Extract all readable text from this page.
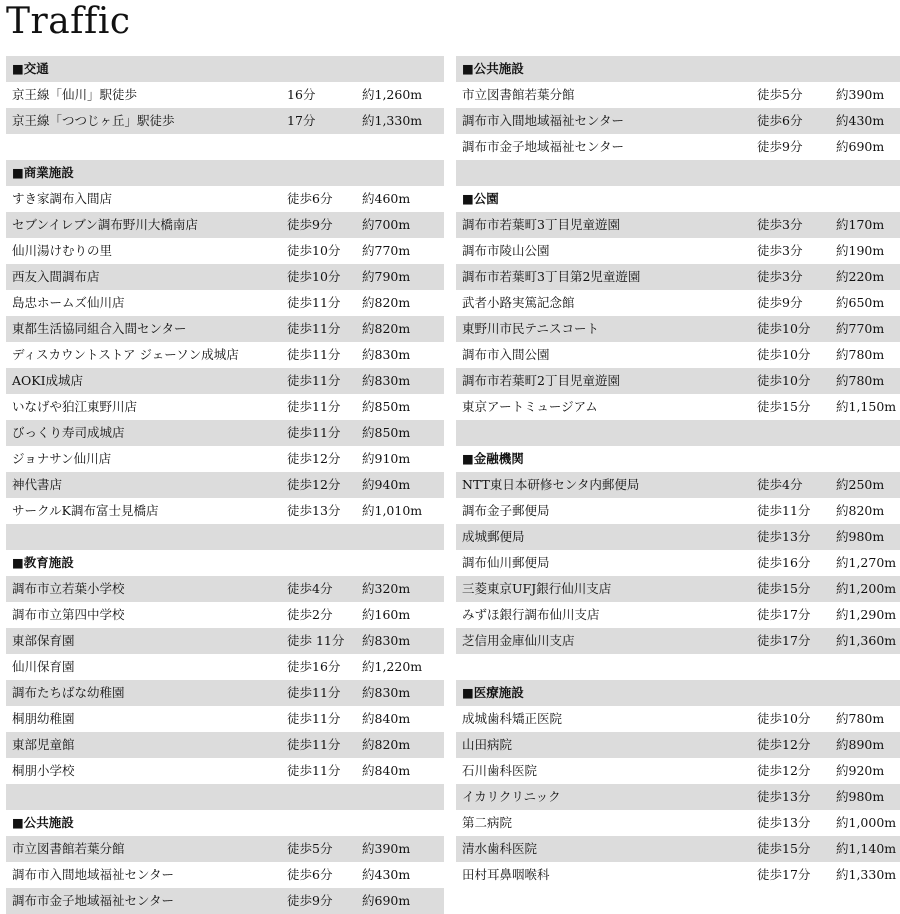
Traffic
■交通
京王線「仙川」駅徒歩	16分	約1,260m
京王線「つつじヶ丘」駅徒歩	17分	約1,330m
■商業施設
すき家調布入間店	徒歩6分 約460m
セブンイレブン調布野川大橋南店	徒歩9分 約700m
仙川湯けむりの里	徒歩10分 約770m
西友入間調布店	徒歩10分 約790m
島忠ホームズ仙川店	徒歩11分 約820m
東都生活協同組合入間センター	徒歩11分 約820m
ディスカウントストア ジェーソン成城店	徒歩11分 約830m
AOKI成城店	徒歩11分 約830m
いなげや狛江東野川店	徒歩11分 約850m
びっくり寿司成城店	徒歩11分 約850m
ジョナサン仙川店	徒歩12分 約910m
神代書店	徒歩12分 約940m
サークルK調布富士見橋店	徒歩13分 約1,010m
■教育施設
調布市立若葉小学校	徒歩4分 約320m
調布市立第四中学校	徒歩2分 約160m
東部保育園	徒歩 11分 約830m
仙川保育園	徒歩16分 約1,220m
調布たちばな幼稚園	徒歩11分 約830m
桐朋幼稚園	徒歩11分 約840m
東部児童館	徒歩11分 約820m
桐朋小学校	徒歩11分 約840m
■公共施設
市立図書館若葉分館	徒歩5分 約390m
調布市入間地域福祉センター	徒歩6分 約430m
調布市金子地域福祉センター	徒歩9分 約690m
■公共施設
市立図書館若葉分館	徒歩5分	約390m
調布市入間地域福祉センター	徒歩6分	約430m
調布市金子地域福祉センター	徒歩9分	約690m
■公園
調布市若葉町3丁目児童遊園	徒歩3分	約170m
調布市陵山公園	徒歩3分	約190m
調布市若葉町3丁目第2児童遊園	徒歩3分	約220m
武者小路実篤記念館	徒歩9分	約650m
東野川市民テニスコート	徒歩10分 約770m
調布市入間公園	徒歩10分 約780m
調布市若葉町2丁目児童遊園	徒歩10分 約780m
東京アートミュージアム	徒歩15分 約1,150m
■金融機関
NTT東日本研修センタ内郵便局	徒歩4分	約250m
調布金子郵便局	徒歩11分 約820m
成城郵便局	徒歩13分 約980m
調布仙川郵便局	徒歩16分 約1,270m
三菱東京UFJ銀行仙川支店	徒歩15分 約1,200m
みずほ銀行調布仙川支店	徒歩17分 約1,290m
芝信用金庫仙川支店	徒歩17分 約1,360m
■医療施設
成城歯科矯正医院	徒歩10分 約780m
山田病院	徒歩12分 約890m
石川歯科医院	徒歩12分 約920m
イカリクリニック	徒歩13分 約980m
第二病院	徒歩13分 約1,000m
清水歯科医院	徒歩15分 約1,140m
田村耳鼻咽喉科	徒歩17分 約1,330m
